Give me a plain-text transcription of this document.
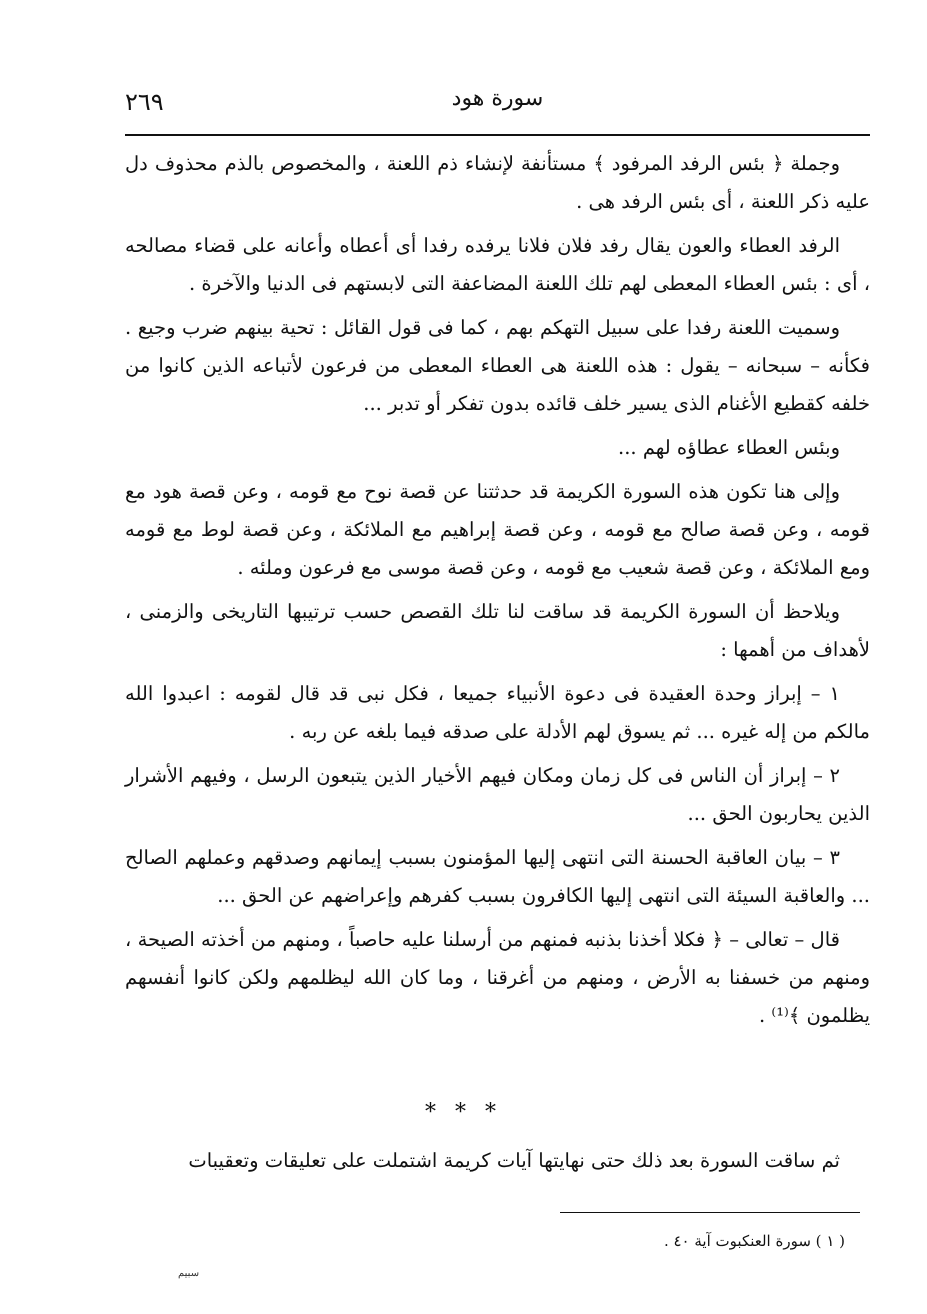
٢٦٩	سورة هود

وجملة ﴿ بئس الرفد المرفود ﴾ مستأنفة لإنشاء ذم اللعنة ، والمخصوص بالذم محذوف دل عليه ذكر اللعنة ، أى بئس الرفد هى .

الرفد العطاء والعون يقال رفد فلان فلانا يرفده رفدا أى أعطاه وأعانه على قضاء مصالحه ، أى : بئس العطاء المعطى لهم تلك اللعنة المضاعفة التى لابستهم فى الدنيا والآخرة .

وسميت اللعنة رفدا على سبيل التهكم بهم ، كما فى قول القائل : تحية بينهم ضرب وجيع . فكأنه – سبحانه – يقول : هذه اللعنة هى العطاء المعطى من فرعون لأتباعه الذين كانوا من خلفه كقطيع الأغنام الذى يسير خلف قائده بدون تفكر أو تدبر ...

وبئس العطاء عطاؤه لهم ...

وإلى هنا تكون هذه السورة الكريمة قد حدثتنا عن قصة نوح مع قومه ، وعن قصة هود مع قومه ، وعن قصة صالح مع قومه ، وعن قصة إبراهيم مع الملائكة ، وعن قصة لوط مع قومه ومع الملائكة ، وعن قصة شعيب مع قومه ، وعن قصة موسى مع فرعون وملئه .

ويلاحظ أن السورة الكريمة قد ساقت لنا تلك القصص حسب ترتيبها التاريخى والزمنى ، لأهداف من أهمها :

١ – إبراز وحدة العقيدة فى دعوة الأنبياء جميعا ، فكل نبى قد قال لقومه : اعبدوا الله مالكم من إله غيره ... ثم يسوق لهم الأدلة على صدقه فيما بلغه عن ربه .

٢ – إبراز أن الناس فى كل زمان ومكان فيهم الأخيار الذين يتبعون الرسل ، وفيهم الأشرار الذين يحاربون الحق ...

٣ – بيان العاقبة الحسنة التى انتهى إليها المؤمنون بسبب إيمانهم وصدقهم وعملهم الصالح ... والعاقبة السيئة التى انتهى إليها الكافرون بسبب كفرهم وإعراضهم عن الحق ...

قال – تعالى – ﴿ فكلا أخذنا بذنبه فمنهم من أرسلنا عليه حاصباً ، ومنهم من أخذته الصيحة ، ومنهم من خسفنا به الأرض ، ومنهم من أغرقنا ، وما كان الله ليظلمهم ولكن كانوا أنفسهم يظلمون ﴾⁽¹⁾ .

* * *
ثم ساقت السورة بعد ذلك حتى نهايتها آيات كريمة اشتملت على تعليقات وتعقيبات
( ١ ) سورة العنكبوت آية ٤٠ .
سبيم
